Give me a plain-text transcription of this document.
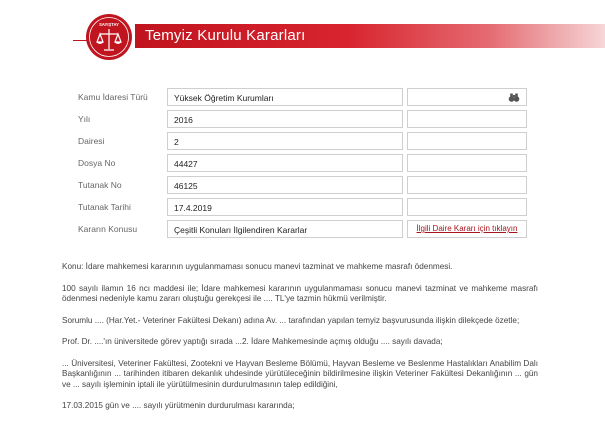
SAYIŞTAY
Temyiz Kurulu Kararları
Kamu İdaresi Türü	Yüksek Öğretim Kurumları
Yılı	2016
Dairesi	2
Dosya No	44427
Tutanak No	46125
Tutanak Tarihi	17.4.2019
Kararın Konusu	Çeşitli Konuları İlgilendiren Kararlar	İlgili Daire Kararı için tıklayın

Konu: İdare mahkemesi kararının uygulanmaması sonucu manevi tazminat ve mahkeme masrafı ödenmesi.

100 sayılı ilamın 16 ncı maddesi ile; İdare mahkemesi kararının uygulanmaması sonucu manevi tazminat ve mahkeme masrafı ödenmesi nedeniyle kamu zararı oluştuğu gerekçesi ile .... TL'ye tazmin hükmü verilmiştir.

Sorumlu .... (Har.Yet.- Veteriner Fakültesi Dekanı) adına Av. ... tarafından yapılan temyiz başvurusunda ilişkin dilekçede özetle;

Prof. Dr. ....'ın üniversitede görev yaptığı sırada ...2. İdare Mahkemesinde açmış olduğu .... sayılı davada;

... Üniversitesi, Veteriner Fakültesi, Zootekni ve Hayvan Besleme Bölümü, Hayvan Besleme ve Beslenme Hastalıkları Anabilim Dalı Başkanlığının ... tarihinden itibaren dekanlık uhdesinde yürütüleceğinin bildirilmesine ilişkin Veteriner Fakültesi Dekanlığının ... gün ve ... sayılı işleminin iptali ile yürütülmesinin durdurulmasının talep edildiğini,

17.03.2015 gün ve .... sayılı yürütmenin durdurulması kararında;
